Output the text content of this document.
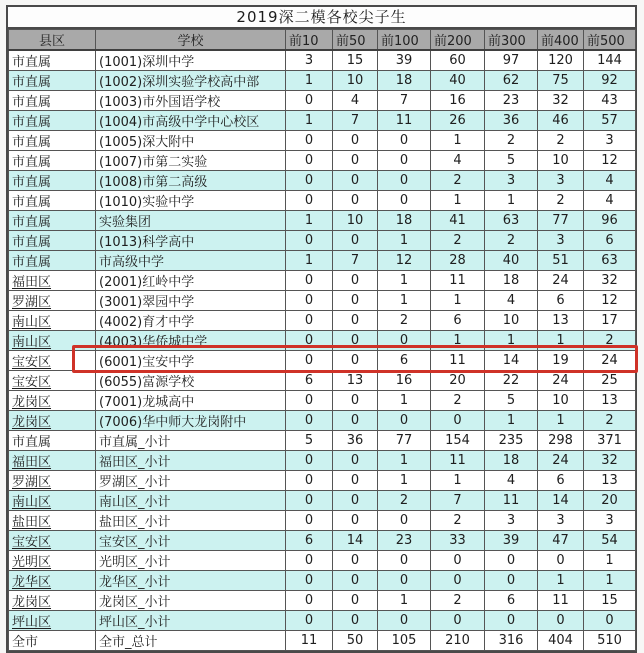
2019深二模各校尖子生
县区	学校	前10	前50	前100	前200	前300	前400	前500
市直属	(1001)深圳中学	3	15	39	60	97	120	144
市直属	(1002)深圳实验学校高中部	1	10	18	40	62	75	92
市直属	(1003)市外国语学校	0	4	7	16	23	32	43
市直属	(1004)市高级中学中心校区	1	7	11	26	36	46	57
市直属	(1005)深大附中	0	0	0	1	2	2	3
市直属	(1007)市第二实验	0	0	0	4	5	10	12
市直属	(1008)市第二高级	0	0	0	2	3	3	4
市直属	(1010)实验中学	0	0	0	1	1	2	4
市直属	实验集团	1	10	18	41	63	77	96
市直属	(1013)科学高中	0	0	1	2	2	3	6
市直属	市高级中学	1	7	12	28	40	51	63
福田区	(2001)红岭中学	0	0	1	11	18	24	32
罗湖区	(3001)翠园中学	0	0	1	1	4	6	12
南山区	(4002)育才中学	0	0	2	6	10	13	17
南山区	(4003)华侨城中学	0	0	0	1	1	1	2
宝安区	(6001)宝安中学	0	0	6	11	14	19	24
宝安区	(6055)富源学校	6	13	16	20	22	24	25
龙岗区	(7001)龙城高中	0	0	1	2	5	10	13
龙岗区	(7006)华中师大龙岗附中	0	0	0	0	1	1	2
市直属	市直属_小计	5	36	77	154	235	298	371
福田区	福田区_小计	0	0	1	11	18	24	32
罗湖区	罗湖区_小计	0	0	1	1	4	6	13
南山区	南山区_小计	0	0	2	7	11	14	20
盐田区	盐田区_小计	0	0	0	2	3	3	3
宝安区	宝安区_小计	6	14	23	33	39	47	54
光明区	光明区_小计	0	0	0	0	0	0	1
龙华区	龙华区_小计	0	0	0	0	0	1	1
龙岗区	龙岗区_小计	0	0	1	2	6	11	15
坪山区	坪山区_小计	0	0	0	0	0	0	0
全市	全市_总计	11	50	105	210	316	404	510
